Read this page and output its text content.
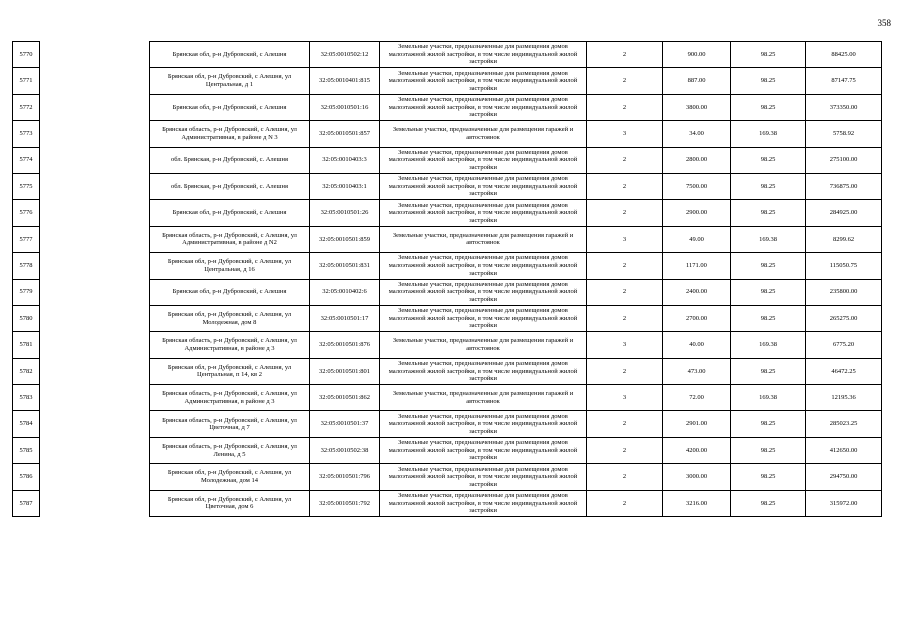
358
5770		Брянская обл, р-н Дубровский, с Алешня	32:05:0010502:12	Земельные участки, предназначенные для размещения домов малоэтажной жилой застройки, в том числе индивидуальной жилой застройки	2	900.00	98.25	88425.00
5771		Брянская обл, р-н Дубровский, с Алешня, ул Центральная, д 1	32:05:0010401:815	Земельные участки, предназначенные для размещения домов малоэтажной жилой застройки, в том числе индивидуальной жилой застройки	2	887.00	98.25	87147.75
5772		Брянская обл, р-н Дубровский, с Алешня	32:05:0010501:16	Земельные участки, предназначенные для размещения домов малоэтажной жилой застройки, в том числе индивидуальной жилой застройки	2	3800.00	98.25	373350.00
5773		Брянская область, р-н Дубровский, с Алешня, ул Административная, в районе д N 3	32:05:0010501:857	Земельные участки, предназначенные для размещения гаражей и автостоянок	3	34.00	169.38	5758.92
5774		обл. Брянская, р-н Дубровский, с. Алешня	32:05:0010403:3	Земельные участки, предназначенные для размещения домов малоэтажной жилой застройки, в том числе индивидуальной жилой застройки	2	2800.00	98.25	275100.00
5775		обл. Брянская, р-н Дубровский, с. Алешня	32:05:0010403:1	Земельные участки, предназначенные для размещения домов малоэтажной жилой застройки, в том числе индивидуальной жилой застройки	2	7500.00	98.25	736875.00
5776		Брянская обл, р-н Дубровский, с Алешня	32:05:0010501:26	Земельные участки, предназначенные для размещения домов малоэтажной жилой застройки, в том числе индивидуальной жилой застройки	2	2900.00	98.25	284925.00
5777		Брянская область, р-н Дубровский, с Алешня, ул Административная, в районе д N2	32:05:0010501:859	Земельные участки, предназначенные для размещения гаражей и автостоянок	3	49.00	169.38	8299.62
5778		Брянская обл, р-н Дубровский, с Алешня, ул Центральная, д 16	32:05:0010501:831	Земельные участки, предназначенные для размещения домов малоэтажной жилой застройки, в том числе индивидуальной жилой застройки	2	1171.00	98.25	115050.75
5779		Брянская обл, р-н Дубровский, с Алешня	32:05:0010402:6	Земельные участки, предназначенные для размещения домов малоэтажной жилой застройки, в том числе индивидуальной жилой застройки	2	2400.00	98.25	235800.00
5780		Брянская обл, р-н Дубровский, с Алешня, ул Молодежная, дом 8	32:05:0010501:17	Земельные участки, предназначенные для размещения домов малоэтажной жилой застройки, в том числе индивидуальной жилой застройки	2	2700.00	98.25	265275.00
5781		Брянская область, р-н Дубровский, с Алешня, ул Административная, в районе д 3	32:05:0010501:876	Земельные участки, предназначенные для размещения гаражей и автостоянок	3	40.00	169.38	6775.20
5782		Брянская обл, р-н Дубровский, с Алешня, ул Центральная, п 14, кв 2	32:05:0010501:801	Земельные участки, предназначенные для размещения домов малоэтажной жилой застройки, в том числе индивидуальной жилой застройки	2	473.00	98.25	46472.25
5783		Брянская область, р-н Дубровский, с Алешня, ул Административная, в районе д 3	32:05:0010501:862	Земельные участки, предназначенные для размещения гаражей и автостоянок	3	72.00	169.38	12195.36
5784		Брянская область, р-н Дубровский, с Алешня, ул Цветочная, д 7	32:05:0010501:37	Земельные участки, предназначенные для размещения домов малоэтажной жилой застройки, в том числе индивидуальной жилой застройки	2	2901.00	98.25	285023.25
5785		Брянская область, р-н Дубровский, с Алешня, ул Ленина, д 5	32:05:0010502:38	Земельные участки, предназначенные для размещения домов малоэтажной жилой застройки, в том числе индивидуальной жилой застройки	2	4200.00	98.25	412650.00
5786		Брянская обл, р-н Дубровский, с Алешня, ул Молодежная, дом 14	32:05:0010501:796	Земельные участки, предназначенные для размещения домов малоэтажной жилой застройки, в том числе индивидуальной жилой застройки	2	3000.00	98.25	294750.00
5787		Брянская обл, р-н Дубровский, с Алешня, ул Цветочная, дом 6	32:05:0010501:792	Земельные участки, предназначенные для размещения домов малоэтажной жилой застройки, в том числе индивидуальной жилой застройки	2	3216.00	98.25	315972.00
